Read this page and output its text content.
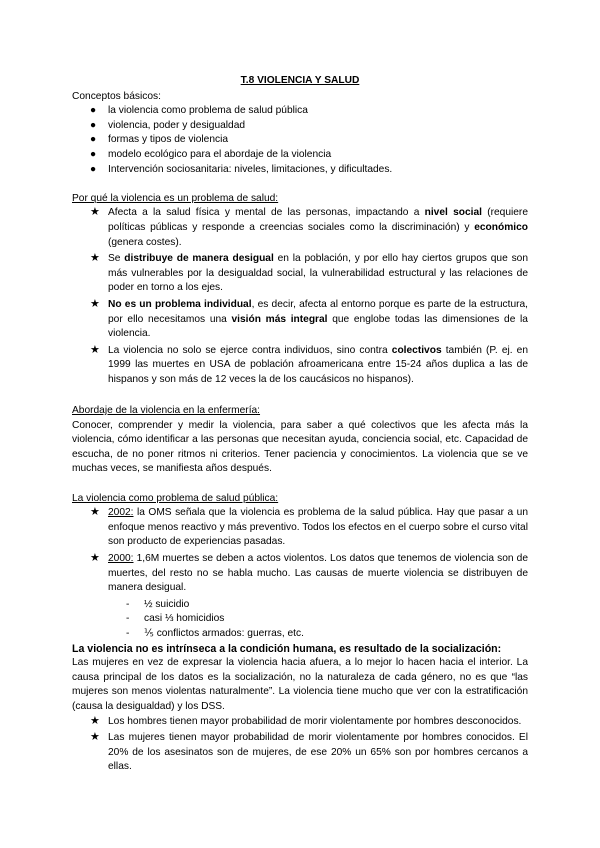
T.8 VIOLENCIA Y SALUD

Conceptos básicos:

● la violencia como problema de salud pública
● violencia, poder y desigualdad
● formas y tipos de violencia
● modelo ecológico para el abordaje de la violencia
● Intervención sociosanitaria: niveles, limitaciones, y dificultades.

Por qué la violencia es un problema de salud:

★ Afecta a la salud física y mental de las personas, impactando a nivel social (requiere políticas públicas y responde a creencias sociales como la discriminación) y económico (genera costes).
★ Se distribuye de manera desigual en la población, y por ello hay ciertos grupos que son más vulnerables por la desigualdad social, la vulnerabilidad estructural y las relaciones de poder en torno a los ejes.
★ No es un problema individual, es decir, afecta al entorno porque es parte de la estructura, por ello necesitamos una visión más integral que englobe todas las dimensiones de la violencia.
★ La violencia no solo se ejerce contra individuos, sino contra colectivos también (P. ej. en 1999 las muertes en USA de población afroamericana entre 15-24 años duplica a las de hispanos y son más de 12 veces la de los caucásicos no hispanos).

Abordaje de la violencia en la enfermería:

Conocer, comprender y medir la violencia, para saber a qué colectivos que les afecta más la violencia, cómo identificar a las personas que necesitan ayuda, conciencia social, etc. Capacidad de escucha, de no poner ritmos ni criterios. Tener paciencia y conocimientos. La violencia que se ve muchas veces, se manifiesta años después.

La violencia como problema de salud pública:

★ 2002: la OMS señala que la violencia es problema de la salud pública. Hay que pasar a un enfoque menos reactivo y más preventivo. Todos los efectos en el cuerpo sobre el curso vital son producto de experiencias pasadas.
★ 2000: 1,6M muertes se deben a actos violentos. Los datos que tenemos de violencia son de muertes, del resto no se habla mucho. Las causas de muerte violencia se distribuyen de manera desigual.
- ½ suicidio
- casi ⅓ homicidios
- ⅕ conflictos armados: guerras, etc.

La violencia no es intrínseca a la condición humana, es resultado de la socialización:

Las mujeres en vez de expresar la violencia hacia afuera, a lo mejor lo hacen hacia el interior. La causa principal de los datos es la socialización, no la naturaleza de cada género, no es que “las mujeres son menos violentas naturalmente”. La violencia tiene mucho que ver con la estratificación (causa la desigualdad) y los DSS.

★ Los hombres tienen mayor probabilidad de morir violentamente por hombres desconocidos.
★ Las mujeres tienen mayor probabilidad de morir violentamente por hombres conocidos. El 20% de los asesinatos son de mujeres, de ese 20% un 65% son por hombres cercanos a ellas.
